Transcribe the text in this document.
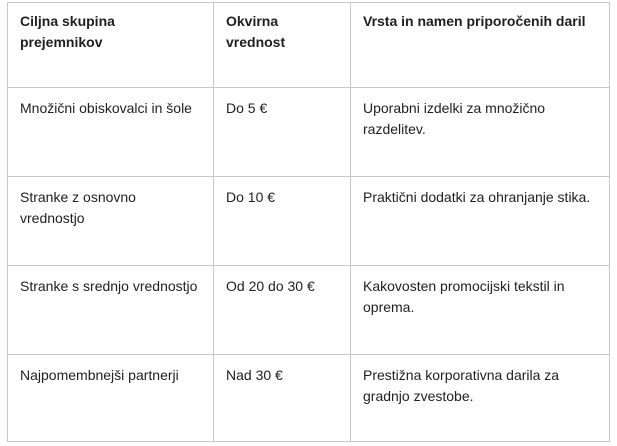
Ciljna skupina prejemnikov	Okvirna vrednost	Vrsta in namen priporočenih daril
Množični obiskovalci in šole	Do 5 €	Uporabni izdelki za množično razdelitev.
Stranke z osnovno vrednostjo	Do 10 €	Praktični dodatki za ohranjanje stika.
Stranke s srednjo vrednostjo	Od 20 do 30 €	Kakovosten promocijski tekstil in oprema.
Najpomembnejši partnerji	Nad 30 €	Prestižna korporativna darila za gradnjo zvestobe.
